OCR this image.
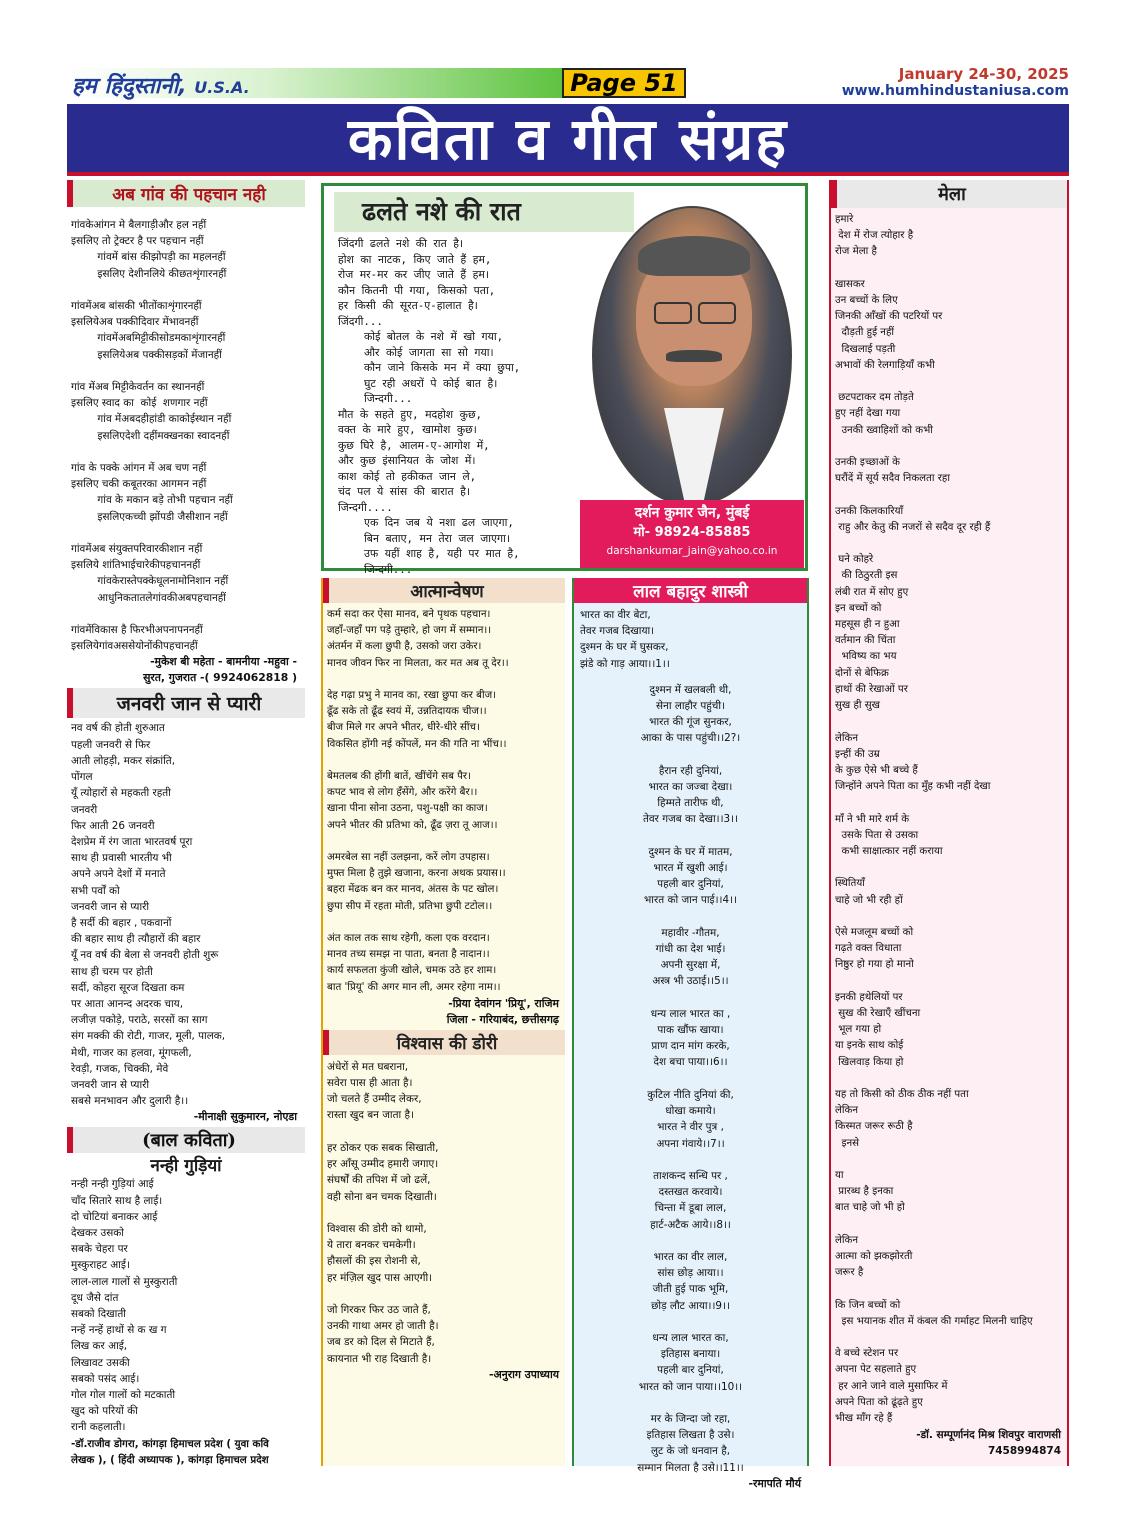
हम हिंदुस्तानी, U.S.A.	Page 51	January 24-30, 2025
www.humhindustaniusa.com
कविता व गीत संग्रह
अब गांव की पहचान नही
गांवकेआंगन मे बैलगाड़ीऔर हल नहीं
इसलिए तो ट्रेक्टर है पर पहचान नहीं
गांवमें बांस कीझोपड़ी का महलनहीं
इसलिए देशीनलिये कीछतशृंगारनहीं

गांवमेंअब बांसकी भीतोंकाशृंगारनहीं
इसलियेअब पक्कीदिवार मेंभावनहीं
गांवमेंअबमिट्टीकीसोडमकाशृंगारनहीं
इसलियेअब पक्कीसड़कों मेंजानहीं

गांव मेंअब मिट्टीकेवर्तन का स्थाननहीं
इसलिए स्वाद का  कोई  शणगार नहीं
गांव मेंअबदहीहांडी काकोईस्थान नहीं
इसलिएदेशी दहींमक्खनका स्वादनहीं

गांव के पक्के आंगन में अब चण नहीं
इसलिए चकी कबूतरका आगमन नहीं
गांव के मकान बड़े तोभी पहचान नहीं
इसलिएकच्ची झोंपडी जैसीशान नहीं

गांवमेंअब संयुक्तपरिवारकीशान नहीं
इसलिये शांतिभाईचारेकीपहचाननहीं
गांवकेरास्तेपक्केधूलनामोनिशान नहीं
आधुनिकतातलेगांवकीअबपहचानहीं

गांवमेंविकास है फिरभीअपनापननहीं
इसलियेगांवअससेयोनोंकीपहचानहीं
-मुकेश बी महेता - बामनीया -महुवा -
सुरत, गुजरात -( 9924062818 )
जनवरी जान से प्यारी
नव वर्ष की होती शुरुआत
पहली जनवरी से फिर
आती लोहड़ी, मकर संक्रांति,
पोंगल
यूँ त्योहारों से महकती रहती
जनवरी
फिर आती 26 जनवरी
देशप्रेम में रंग जाता भारतवर्ष पूरा
साथ ही प्रवासी भारतीय भी
अपने अपने देशों में मनाते
सभी पर्वों को
जनवरी जान से प्यारी
है सर्दी की बहार , पकवानों
की बहार साथ ही त्यौहारों की बहार
यूँ नव वर्ष की बेला से जनवरी होती शुरू
साथ ही चरम पर होती
सर्दी, कोहरा सूरज दिखता कम
पर आता आनन्द अदरक चाय,
लजीज़ पकोड़े, पराठे, सरसों का साग
संग मक्की की रोटी, गाजर, मूली, पालक,
मेथी, गाजर का हलवा, मूंगफली,
रेवड़ी, गजक, चिक्की, मेवे
जनवरी जान से प्यारी
सबसे मनभावन और दुलारी है।।
-मीनाक्षी सुकुमारन, नोएडा
(बाल कविता)
नन्ही गुड़ियां
नन्ही नन्ही गुड़ियां आई
चाँद सितारे साथ है लाई।
दो चोटियां बनाकर आई
देखकर उसको
सबके चेहरा पर
मुस्कुराहट आई।
लाल-लाल गालों से मुस्कुराती
दूध जैसे दांत
सबको दिखाती
नन्हें नन्हें हाथों से क ख ग
लिख कर आई,
लिखावट उसकी
सबको पसंद आई।
गोल गोल गालों को मटकाती
खुद को परियों की
रानी कहलाती।
-डॉ.राजीव डोगरा, कांगड़ा हिमाचल प्रदेश ( युवा कवि
लेखक ), ( हिंदी अध्यापक ), कांगड़ा हिमाचल प्रदेश
ढलते नशे की रात
जिंदगी ढलते नशे की रात है।
होश का नाटक, किए जाते हैं हम,
रोज मर-मर कर जीए जाते हैं हम।
कौन कितनी पी गया, किसको पता,
हर किसी की सूरत-ए-हालात है।
जिंदगी...
कोई बोतल के नशे में खो गया,
और कोई जागता सा सो गया।
कौन जाने किसके मन में क्या छुपा,
घुट रही अधरों पे कोई बात है।
जिन्दगी...
मौत के सहते हुए, मदहोश कुछ,
वक्त के मारे हुए, खामोश कुछ।
कुछ घिरे है, आलम-ए-आगोश में,
और कुछ इंसानियत के जोश में।
काश कोई तो हकीकत जान ले,
चंद पल ये सांस की बारात है।
जिन्दगी....
एक दिन जब ये नशा ढल जाएगा,
बिन बताए, मन तेरा जल जाएगा।
उफ यहीं शाह है, यही पर मात है,
जिन्दगी...
दर्शन कुमार जैन, मुंबई
मो- 98924-85885
darshankumar_jain@yahoo.co.in
आत्मान्वेषण
कर्म सदा कर ऐसा मानव, बने पृथक पहचान।
जहाँ-जहाँ पग पड़े तुम्हारे, हो जग में सम्मान।।
अंतर्मन में कला छुपी है, उसको जरा उकेर।
मानव जीवन फिर ना मिलता, कर मत अब तू देर।।

देह गढ़ा प्रभु ने मानव का, रखा छुपा कर बीज।
ढूँढ सके तो ढूँढ स्वयं में, उन्नतिदायक चीज।।
बीज मिले गर अपने भीतर, धीरे-धीरे सींच।
विकसित होंगी नई कोंपलें, मन की गति ना भींच।।

बेमतलब की होंगी बातें, खींचेंगे सब पैर।
कपट भाव से लोग हँसेंगे, और करेंगे बैर।।
खाना पीना सोना उठना, पशु-पक्षी का काज।
अपने भीतर की प्रतिभा को, ढूँढ ज़रा तू आज।।

अमरबेल सा नहीं उलझना, करें लोग उपहास।
मुफ्त मिला है तुझे खजाना, करना अथक प्रयास।।
बहरा मेंढक बन कर मानव, अंतस के पट खोल।
छुपा सीप में रहता मोती, प्रतिभा छुपी टटोल।।

अंत काल तक साथ रहेगी, कला एक वरदान।
मानव तच्य समझ ना पाता, बनता है नादान।।
कार्य सफलता कुंजी खोले, चमक उठे हर शाम।
बात 'प्रियू' की अगर मान ली, अमर रहेगा नाम।।
-प्रिया देवांगन 'प्रियू', राजिम
जिला - गरियाबंद, छत्तीसगढ़
विश्वास की डोरी
अंधेरों से मत घबराना,
सवेरा पास ही आता है।
जो चलते हैं उम्मीद लेकर,
रास्ता खुद बन जाता है।

हर ठोकर एक सबक सिखाती,
हर आँसू उम्मीद हमारी जगाए।
संघर्षों की तपिश में जो ढलें,
वही सोना बन चमक दिखाती।

विश्वास की डोरी को थामो,
ये तारा बनकर चमकेगी।
हौसलों की इस रोशनी से,
हर मंज़िल खुद पास आएगी।

जो गिरकर फिर उठ जाते हैं,
उनकी गाथा अमर हो जाती है।
जब डर को दिल से मिटाते हैं,
कायनात भी राह दिखाती है।
-अनुराग उपाध्याय
लाल बहादुर शास्त्री
भारत का वीर बेटा,
तेवर गजब दिखाया।
दुश्मन के घर में घुसकर,
झंडे को गाड़ आया।।1।।
दुश्मन में खलबली थी,
सेना लाहौर पहुंची।
भारत की गूंज सुनकर,
आका के पास पहुंची।।2?।

हैरान रही दुनियां,
भारत का जज्बा देखा।
हिम्मते तारीफ थी,
तेवर गजब का देखा।।3।।

दुश्मन के घर में मातम,
भारत में खुशी आई।
पहली बार दुनियां,
भारत को जान पाई।।4।।

महावीर -गौतम,
गांधी का देश भाई।
अपनी सुरक्षा में,
अस्त्र भी उठाई।।5।।

धन्य लाल भारत का ,
पाक खौंफ खाया।
प्राण दान मांग करके,
देश बचा पाया।।6।।

कुटिल नीति दुनियां की,
धोखा कमाये।
भारत ने वीर पुत्र ,
अपना गंवाये।।7।।

ताशकन्द सन्धि पर ,
दस्तखत करवाये।
चिन्ता में डूबा लाल,
हार्ट-अटैक आये।।8।।

भारत का वीर लाल,
सांस छोड़ आया।।
जीती हुई पाक भूमि,
छोड़ लौट आया।।9।।

धन्य लाल भारत का,
इतिहास बनाया।
पहली बार दुनियां,
भारत को जान पाया।।10।।

मर के जिन्दा जो रहा,
इतिहास लिखता है उसे।
लुट के जो धनवान है,
सम्मान मिलता है उसे।।11।।
-रमापति मौर्य
मेला
हमारे
देश में रोज त्योहार है
रोज मेला है

खासकर
उन बच्चों के लिए
जिनकी आँखों की पटरियों पर
दौड़ती हुई नहीं
दिखलाई पड़ती
अभावों की रेलगाड़ियाँ कभी

छटपटाकर दम तोड़ते
हुए नहीं देखा गया
उनकी ख्वाहिशों को कभी

उनकी इच्छाओं के
घरौंदें में सूर्य सदैव निकलता रहा

उनकी किलकारियाँ
राहु और केतु की नजरों से सदैव दूर रही हैं

घने कोहरे
की ठिठुरती इस
लंबी रात में सोए हुए
इन बच्चों को
महसूस ही न हुआ
वर्तमान की चिंता
भविष्य का भय
दोनों से बेफिक्र
हाथों की रेखाओं पर
सुख ही सुख

लेकिन
इन्हीं की उम्र
के कुछ ऐसे भी बच्चे हैं
जिन्होंने अपने पिता का मुँह कभी नहीं देखा

माँ ने भी मारे शर्म के
उसके पिता से उसका
कभी साक्षात्कार नहीं कराया

स्थितियाँ
चाहे जो भी रही हों

ऐसे मजलूम बच्चों को
गढ़ते वक्त विधाता
निष्ठुर हो गया हो मानो

इनकी हथेलियों पर
सुख की रेखाएँ खींचना
भूल गया हो
या इनके साथ कोई
खिलवाड़ किया हो

यह तो किसी को ठीक ठीक नहीं पता
लेकिन
किस्मत जरूर रूठी है
इनसे

या
प्रारब्ध है इनका
बात चाहे जो भी हो

लेकिन
आत्मा को झकझोरती
जरूर है

कि जिन बच्चों को
इस भयानक शीत में कंबल की गर्माहट मिलनी चाहिए

वे बच्चे स्टेशन पर
अपना पेट सहलाते हुए
हर आने जाने वाले मुसाफिर में
अपने पिता को ढूंढ़ते हुए
भीख माँग रहे हैं
-डॉ. सम्पूर्णानंद मिश्र शिवपुर वाराणसी
7458994874
